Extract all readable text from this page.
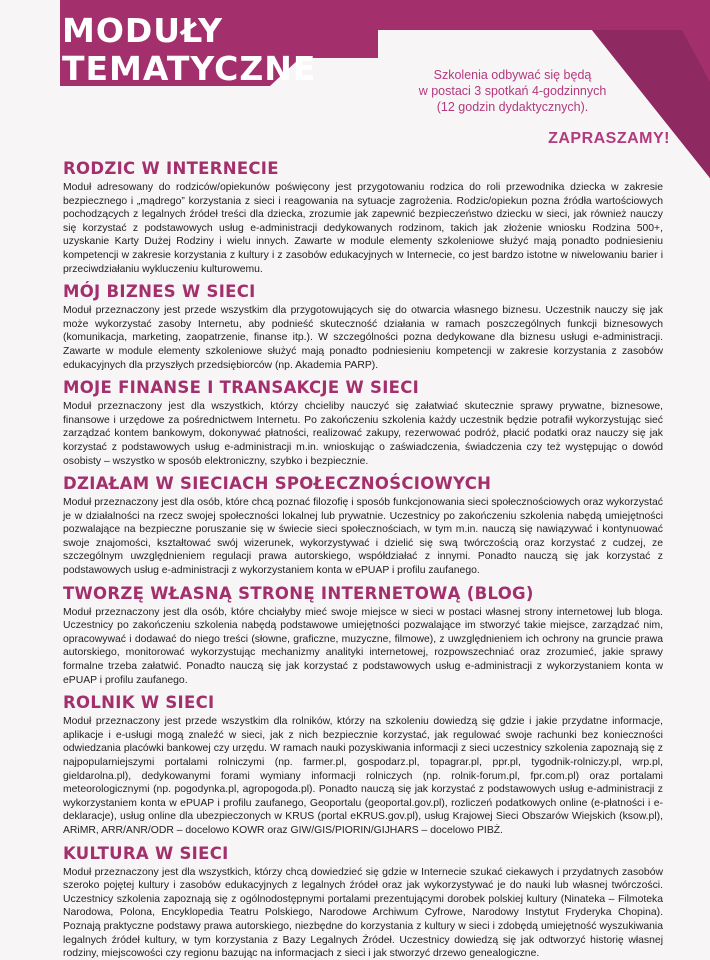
MODUŁY
TEMATYCZNE	Szkolenia odbywać się będą
w postaci 3 spotkań 4-godzinnych
(12 godzin dydaktycznych).
ZAPRASZAMY!
RODZIC W INTERNECIE

Moduł adresowany do rodziców/opiekunów poświęcony jest przygotowaniu rodzica do roli przewodnika dziecka w zakresie bezpiecznego i „mądrego” korzystania z sieci i reagowania na sytuacje zagrożenia. Rodzic/opiekun pozna źródła wartościowych pochodzących z legalnych źródeł treści dla dziecka, zrozumie jak zapewnić bezpieczeństwo dziecku w sieci, jak również nauczy się korzystać z podstawowych usług e-administracji dedykowanych rodzinom, takich jak złożenie wniosku Rodzina 500+, uzyskanie Karty Dużej Rodziny i wielu innych. Zawarte w module elementy szkoleniowe służyć mają ponadto podniesieniu kompetencji w zakresie korzystania z kultury i z zasobów edukacyjnych w Internecie, co jest bardzo istotne w niwelowaniu barier i przeciwdziałaniu wykluczeniu kulturowemu.

MÓJ BIZNES W SIECI

Moduł przeznaczony jest przede wszystkim dla przygotowujących się do otwarcia własnego biznesu. Uczestnik nauczy się jak może wykorzystać zasoby Internetu, aby podnieść skuteczność działania w ramach poszczególnych funkcji biznesowych (komunikacja, marketing, zaopatrzenie, finanse itp.). W szczególności pozna dedykowane dla biznesu usługi e-administracji. Zawarte w module elementy szkoleniowe służyć mają ponadto podniesieniu kompetencji w zakresie korzystania z zasobów edukacyjnych dla przyszłych przedsiębiorców (np. Akademia PARP).

MOJE FINANSE I TRANSAKCJE W SIECI

Moduł przeznaczony jest dla wszystkich, którzy chcieliby nauczyć się załatwiać skutecznie sprawy prywatne, biznesowe, finansowe i urzędowe za pośrednictwem Internetu. Po zakończeniu szkolenia każdy uczestnik będzie potrafił wykorzystując sieć zarządzać kontem bankowym, dokonywać płatności, realizować zakupy, rezerwować podróż, płacić podatki oraz nauczy się jak korzystać z podstawowych usług e-administracji m.in. wnioskując o zaświadczenia, świadczenia czy też występując o dowód osobisty – wszystko w sposób elektroniczny, szybko i bezpiecznie.

DZIAŁAM W SIECIACH SPOŁECZNOŚCIOWYCH

Moduł przeznaczony jest dla osób, które chcą poznać filozofię i sposób funkcjonowania sieci społecznościowych oraz wykorzystać je w działalności na rzecz swojej społeczności lokalnej lub prywatnie. Uczestnicy po zakończeniu szkolenia nabędą umiejętności pozwalające na bezpieczne poruszanie się w świecie sieci społecznościach, w tym m.in. nauczą się nawiązywać i kontynuować swoje znajomości, kształtować swój wizerunek, wykorzystywać i dzielić się swą twórczością oraz korzystać z cudzej, ze szczególnym uwzględnieniem regulacji prawa autorskiego, współdziałać z innymi. Ponadto nauczą się jak korzystać z podstawowych usług e-administracji z wykorzystaniem konta w ePUAP i profilu zaufanego.

TWORZĘ WŁASNĄ STRONĘ INTERNETOWĄ (BLOG)

Moduł przeznaczony jest dla osób, które chciałyby mieć swoje miejsce w sieci w postaci własnej strony internetowej lub bloga. Uczestnicy po zakończeniu szkolenia nabędą podstawowe umiejętności pozwalające im stworzyć takie miejsce, zarządzać nim, opracowywać i dodawać do niego treści (słowne, graficzne, muzyczne, filmowe), z uwzględnieniem ich ochrony na gruncie prawa autorskiego, monitorować wykorzystując mechanizmy analityki internetowej, rozpowszechniać oraz zrozumieć, jakie sprawy formalne trzeba załatwić. Ponadto nauczą się jak korzystać z podstawowych usług e-administracji z wykorzystaniem konta w ePUAP i profilu zaufanego.

ROLNIK W SIECI

Moduł przeznaczony jest przede wszystkim dla rolników, którzy na szkoleniu dowiedzą się gdzie i jakie przydatne informacje, aplikacje i e-usługi mogą znaleźć w sieci, jak z nich bezpiecznie korzystać, jak regulować swoje rachunki bez konieczności odwiedzania placówki bankowej czy urzędu. W ramach nauki pozyskiwania informacji z sieci uczestnicy szkolenia zapoznają się z najpopularniejszymi portalami rolniczymi (np. farmer.pl, gospodarz.pl, topagrar.pl, ppr.pl, tygodnik-rolniczy.pl, wrp.pl, gieldarolna.pl), dedykowanymi forami wymiany informacji rolniczych (np. rolnik-forum.pl, fpr.com.pl) oraz portalami meteorologicznymi (np. pogodynka.pl, agropogoda.pl). Ponadto nauczą się jak korzystać z podstawowych usług e-administracji z wykorzystaniem konta w ePUAP i profilu zaufanego, Geoportalu (geoportal.gov.pl), rozliczeń podatkowych online (e-płatności i e-deklaracje), usług online dla ubezpieczonych w KRUS (portal eKRUS.gov.pl), usług Krajowej Sieci Obszarów Wiejskich (ksow.pl), ARiMR, ARR/ANR/ODR – docelowo KOWR oraz GIW/GIS/PIORIN/GIJHARS – docelowo PIBŻ.

KULTURA W SIECI

Moduł przeznaczony jest dla wszystkich, którzy chcą dowiedzieć się gdzie w Internecie szukać ciekawych i przydatnych zasobów szeroko pojętej kultury i zasobów edukacyjnych z legalnych źródeł oraz jak wykorzystywać je do nauki lub własnej twórczości. Uczestnicy szkolenia zapoznają się z ogólnodostępnymi portalami prezentującymi dorobek polskiej kultury (Ninateka – Filmoteka Narodowa, Polona, Encyklopedia Teatru Polskiego, Narodowe Archiwum Cyfrowe, Narodowy Instytut Fryderyka Chopina). Poznają praktyczne podstawy prawa autorskiego, niezbędne do korzystania z kultury w sieci i zdobędą umiejętność wyszukiwania legalnych źródeł kultury, w tym korzystania z Bazy Legalnych Źródeł. Uczestnicy dowiedzą się jak odtworzyć historię własnej rodziny, miejscowości czy regionu bazując na informacjach z sieci i jak stworzyć drzewo genealogiczne.
